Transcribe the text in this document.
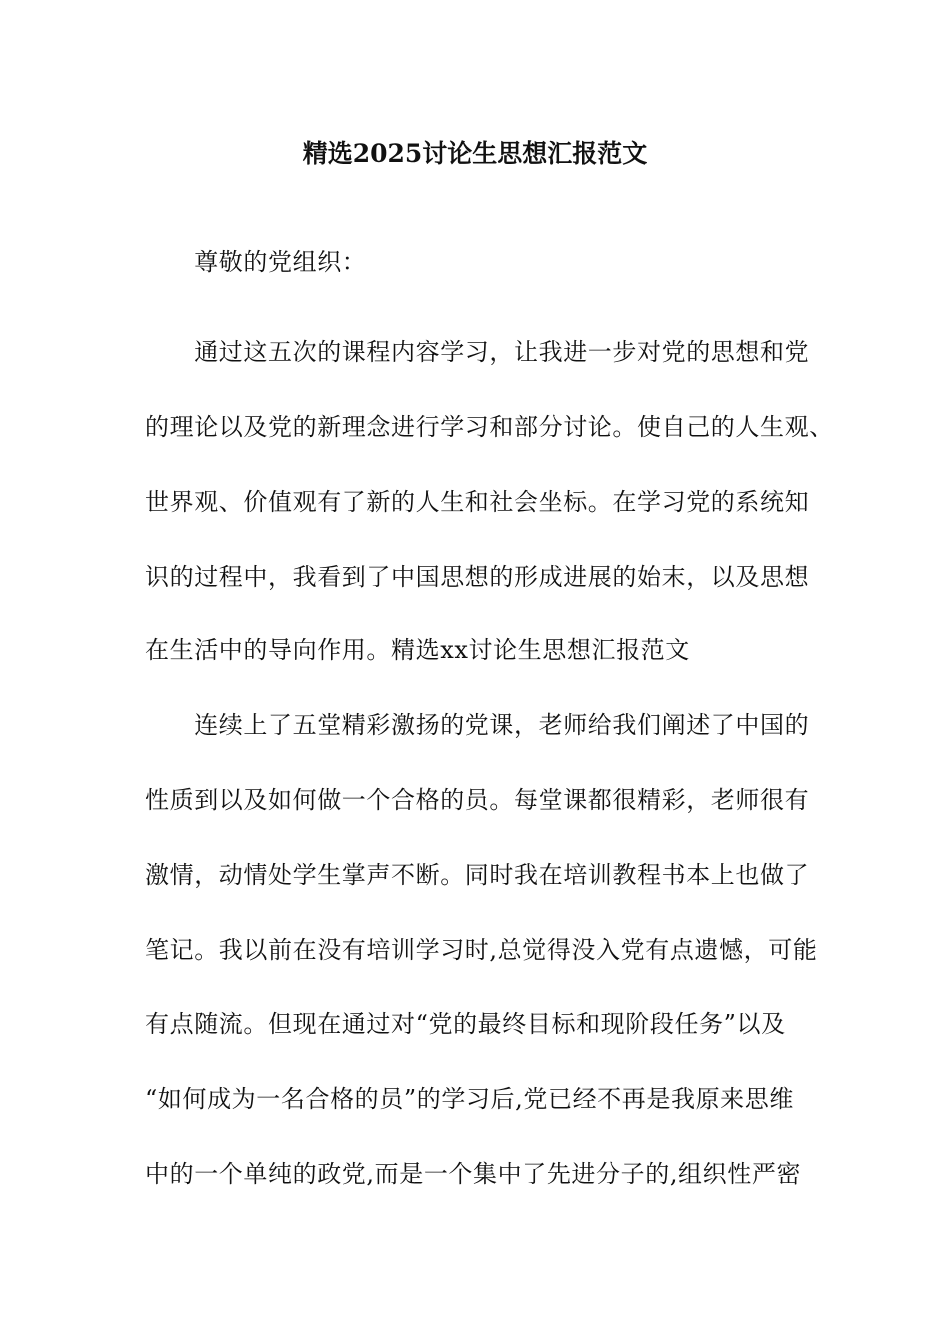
精选2025讨论生思想汇报范文
　　尊敬的党组织：
　　通过这五次的课程内容学习，让我进一步对党的思想和党
的理论以及党的新理念进行学习和部分讨论。使自己的人生观、
世界观、价值观有了新的人生和社会坐标。在学习党的系统知
识的过程中，我看到了中国思想的形成进展的始末，以及思想
在生活中的导向作用。精选xx讨论生思想汇报范文
　　连续上了五堂精彩激扬的党课，老师给我们阐述了中国的
性质到以及如何做一个合格的员。每堂课都很精彩，老师很有
激情，动情处学生掌声不断。同时我在培训教程书本上也做了
笔记。我以前在没有培训学习时,总觉得没入党有点遗憾，可能
有点随流。但现在通过对“党的最终目标和现阶段任务”以及
“如何成为一名合格的员”的学习后,党已经不再是我原来思维
中的一个单纯的政党,而是一个集中了先进分子的,组织性严密
